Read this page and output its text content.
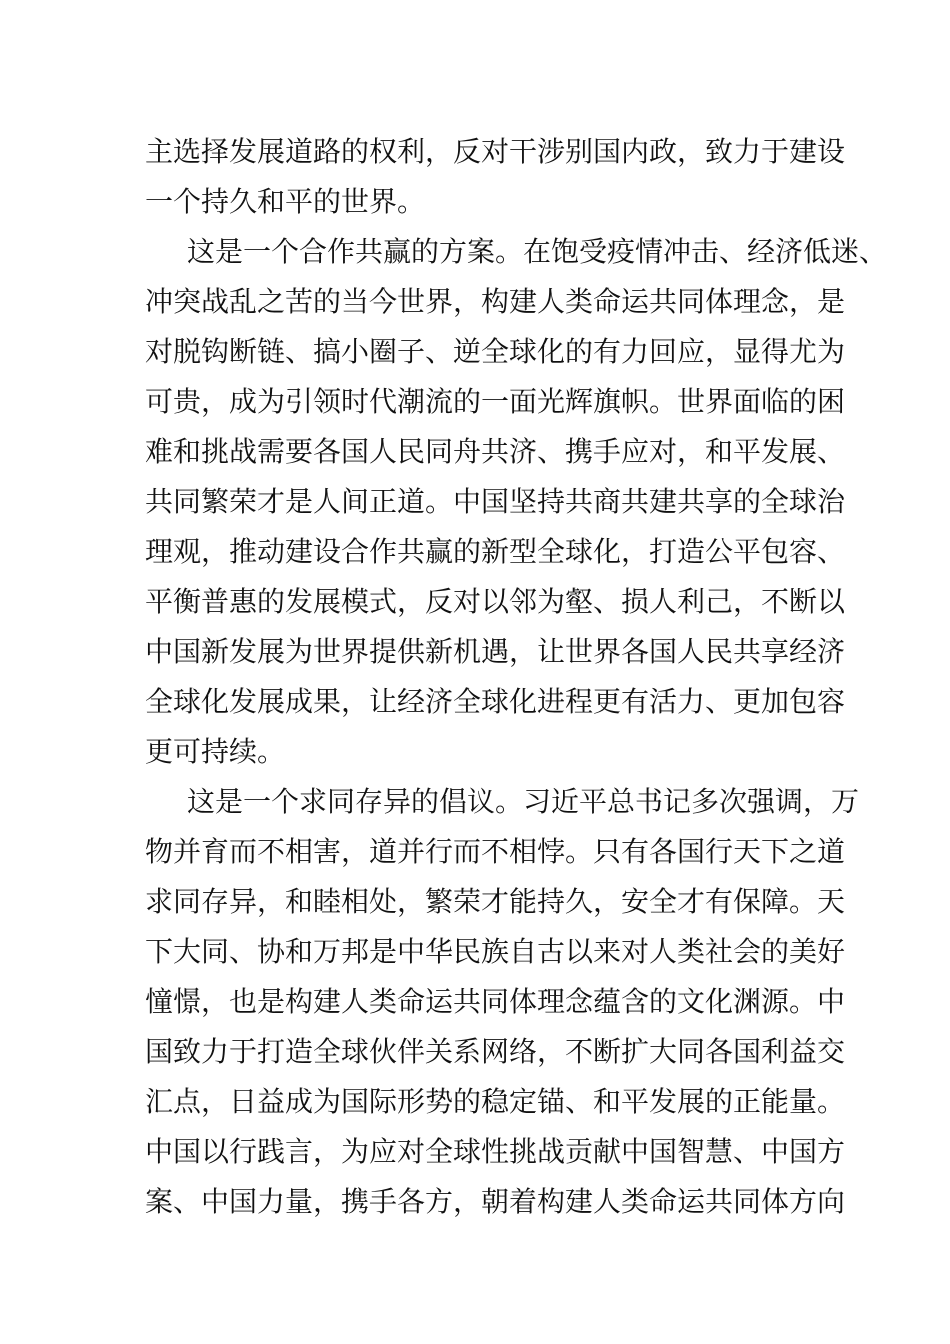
主选择发展道路的权利，反对干涉别国内政，致力于建设
一个持久和平的世界。
这是一个合作共赢的方案。在饱受疫情冲击、经济低迷、
冲突战乱之苦的当今世界，构建人类命运共同体理念，是
对脱钩断链、搞小圈子、逆全球化的有力回应，显得尤为
可贵，成为引领时代潮流的一面光辉旗帜。世界面临的困
难和挑战需要各国人民同舟共济、携手应对，和平发展、
共同繁荣才是人间正道。中国坚持共商共建共享的全球治
理观，推动建设合作共赢的新型全球化，打造公平包容、
平衡普惠的发展模式，反对以邻为壑、损人利己，不断以
中国新发展为世界提供新机遇，让世界各国人民共享经济
全球化发展成果，让经济全球化进程更有活力、更加包容
更可持续。
这是一个求同存异的倡议。习近平总书记多次强调，万
物并育而不相害，道并行而不相悖。只有各国行天下之道
求同存异，和睦相处，繁荣才能持久，安全才有保障。天
下大同、协和万邦是中华民族自古以来对人类社会的美好
憧憬，也是构建人类命运共同体理念蕴含的文化渊源。中
国致力于打造全球伙伴关系网络，不断扩大同各国利益交
汇点，日益成为国际形势的稳定锚、和平发展的正能量。
中国以行践言，为应对全球性挑战贡献中国智慧、中国方
案、中国力量，携手各方，朝着构建人类命运共同体方向
